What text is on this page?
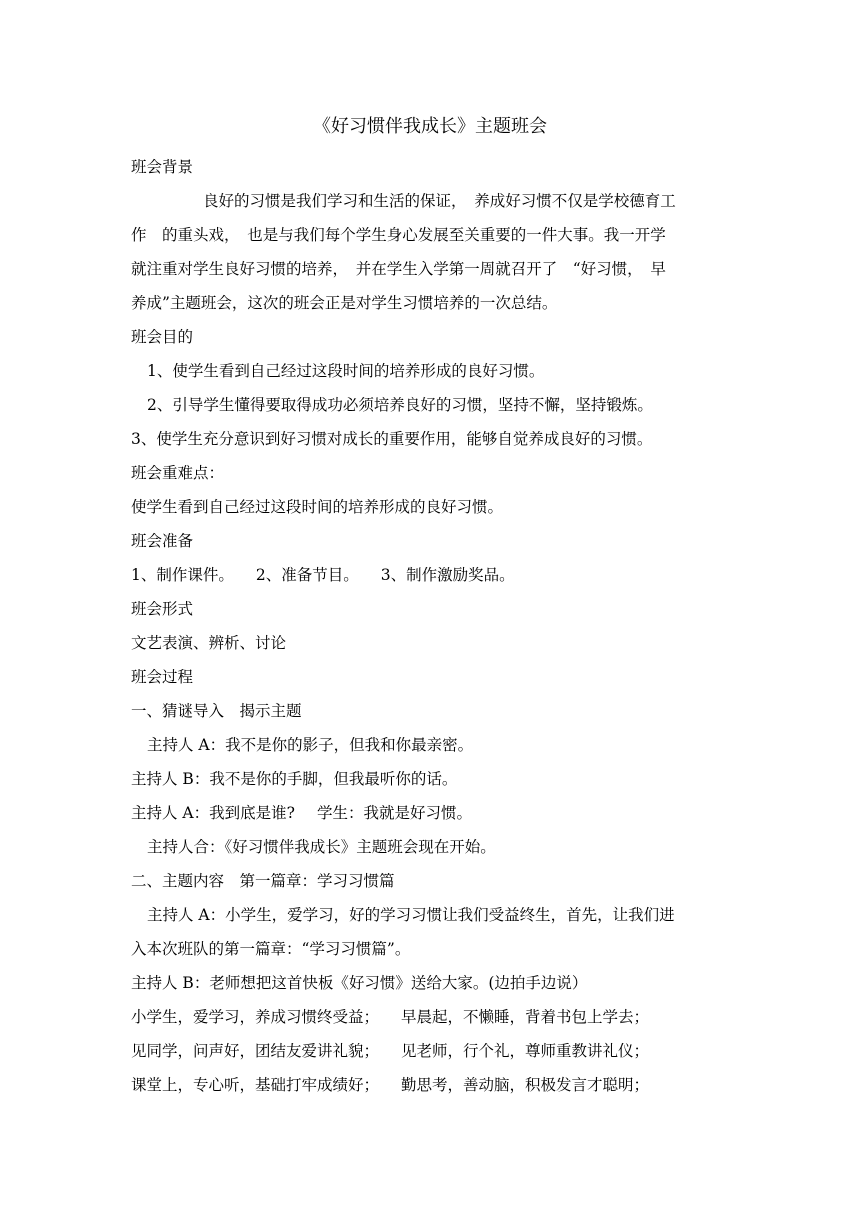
《好习惯伴我成长》主题班会
班会背景
良好的习惯是我们学习和生活的保证，　养成好习惯不仅是学校德育工
作　的重头戏，　也是与我们每个学生身心发展至关重要的一件大事。我一开学
就注重对学生良好习惯的培养，　并在学生入学第一周就召开了　“好习惯，　早
养成”主题班会，这次的班会正是对学生习惯培养的一次总结。
班会目的
1、使学生看到自己经过这段时间的培养形成的良好习惯。
2、引导学生懂得要取得成功必须培养良好的习惯，坚持不懈，坚持锻炼。
3、使学生充分意识到好习惯对成长的重要作用，能够自觉养成良好的习惯。
班会重难点：
使学生看到自己经过这段时间的培养形成的良好习惯。
班会准备
1、制作课件。 2、准备节目。 3、制作激励奖品。
班会形式
文艺表演、辨析、讨论
班会过程
一、猜谜导入　揭示主题
主持人 A：我不是你的影子，但我和你最亲密。
主持人 B：我不是你的手脚，但我最听你的话。
主持人 A：我到底是谁? 学生：我就是好习惯。
主持人合：《好习惯伴我成长》主题班会现在开始。
二、主题内容　第一篇章：学习习惯篇
主持人 A：小学生，爱学习，好的学习习惯让我们受益终生，首先，让我们进
入本次班队的第一篇章：“学习习惯篇”。
主持人 B：老师想把这首快板《好习惯》送给大家。(边拍手边说）
小学生，爱学习，养成习惯终受益； 早晨起，不懒睡，背着书包上学去；
见同学，问声好，团结友爱讲礼貌； 见老师，行个礼，尊师重教讲礼仪；
课堂上，专心听，基础打牢成绩好； 勤思考，善动脑，积极发言才聪明；
